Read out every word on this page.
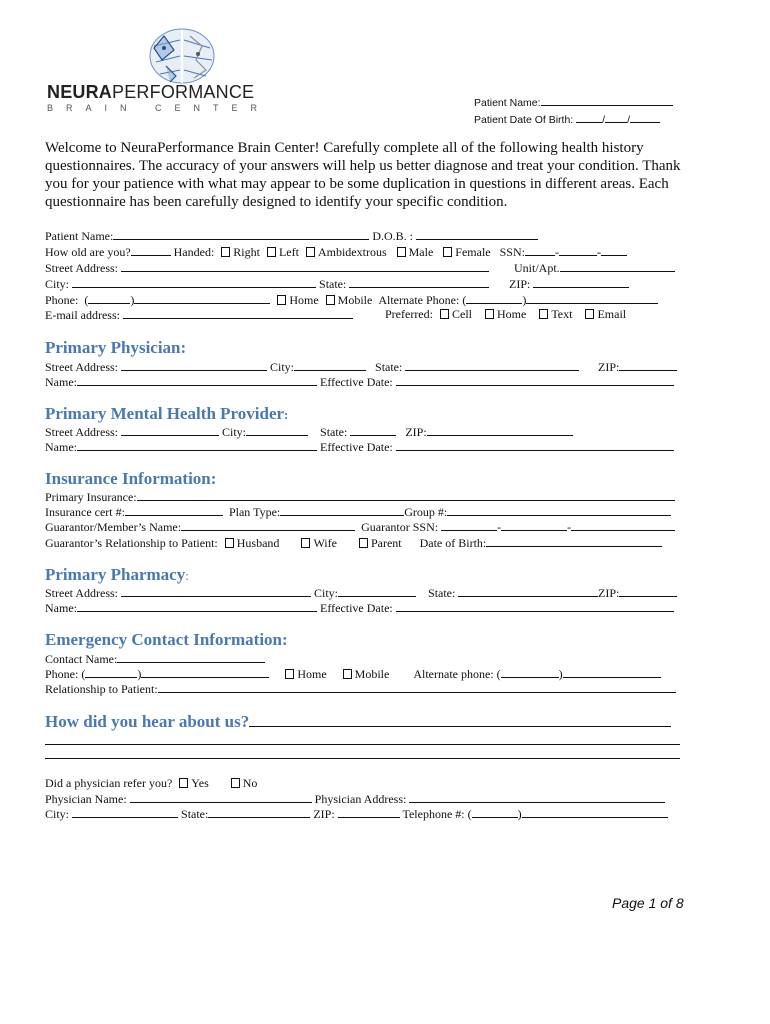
NEURAPERFORMANCE
BRAIN CENTER	Patient Name:
Patient Date Of Birth:	/ /
Welcome to NeuraPerformance Brain Center! Carefully complete all of the following health history questionnaires. The accuracy of your answers will help us better diagnose and treat your condition. Thank you for your patience with what may appear to be some duplication in questions in different areas. Each questionnaire has been carefully designed to identify your specific condition.
Patient Name:	D.O.B. :
How old are you?	Handed: Right Left Ambidextrous Male Female SSN:	-	-
Street Address:	Unit/Apt.
City:	State:	ZIP:
Phone:  (	)	Home Mobile Alternate Phone: (	)
E-mail address:	Preferred: Cell Home Text Email
Primary Physician:
Street Address:	City:	State:	ZIP:
Name:	Effective Date:
Primary Mental Health Provider:
Street Address:	City:	State:	ZIP:
Name:	Effective Date:
Insurance Information:
Primary Insurance:
Insurance cert #:	Plan Type:	Group #:
Guarantor/Member’s Name:	Guarantor SSN:	-	-
Guarantor’s Relationship to Patient: Husband	Wife	Parent Date of Birth:
Primary Pharmacy:
Street Address:	City:	State:	ZIP:
Name:	Effective Date:
Emergency Contact Information:
Contact Name:
Phone: (	)	Home Mobile Alternate phone: (	)
Relationship to Patient:
How did you hear about us?
Did a physician refer you? Yes	No
Physician Name:	Physician Address:
City:	State:	ZIP:	Telephone #: (	)
Page 1 of 8
